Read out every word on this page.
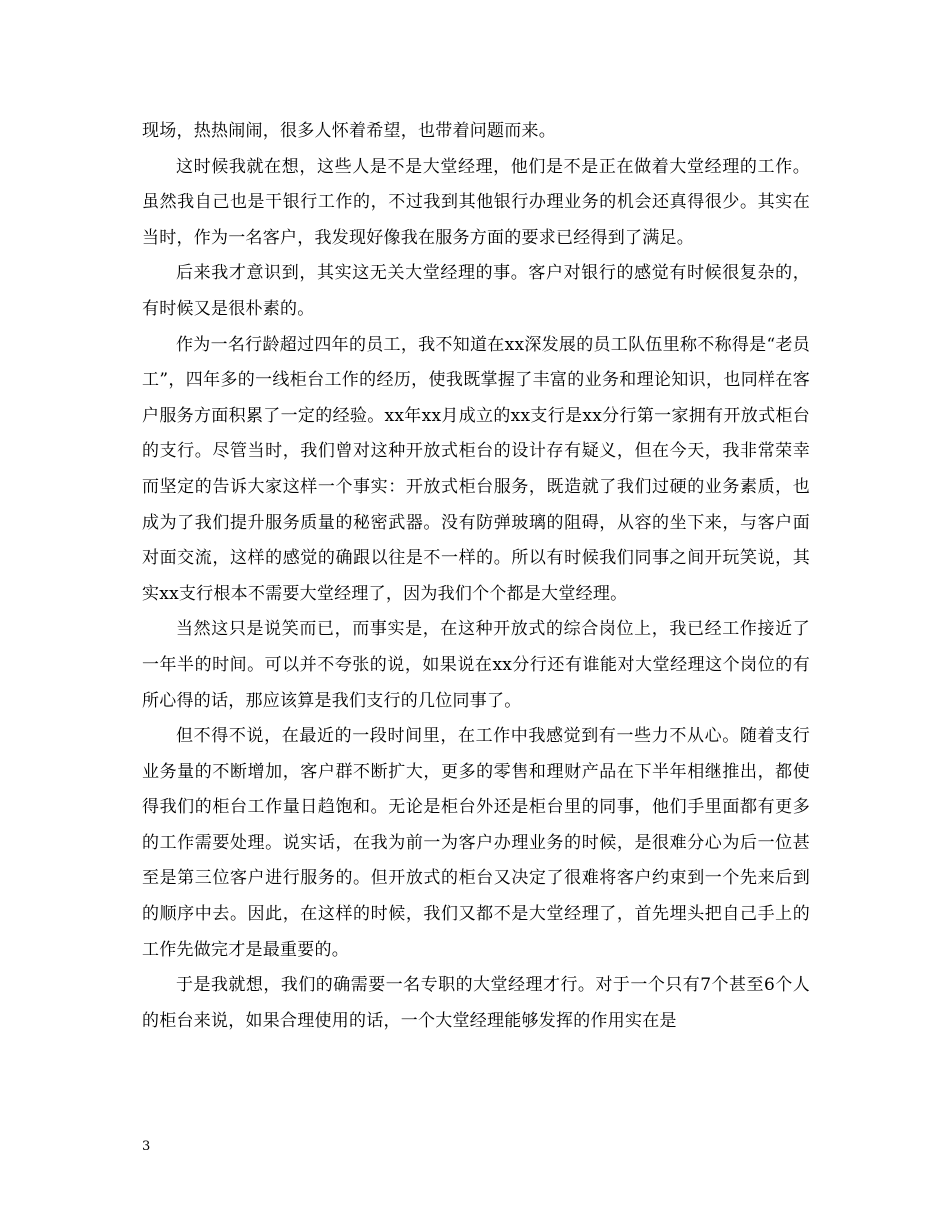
现场，热热闹闹，很多人怀着希望，也带着问题而来。

这时候我就在想，这些人是不是大堂经理，他们是不是正在做着大堂经理的工作。虽然我自己也是干银行工作的，不过我到其他银行办理业务的机会还真得很少。其实在当时，作为一名客户，我发现好像我在服务方面的要求已经得到了满足。

后来我才意识到，其实这无关大堂经理的事。客户对银行的感觉有时候很复杂的，有时候又是很朴素的。

作为一名行龄超过四年的员工，我不知道在xx深发展的员工队伍里称不称得是“老员工”，四年多的一线柜台工作的经历，使我既掌握了丰富的业务和理论知识，也同样在客户服务方面积累了一定的经验。xx年xx月成立的xx支行是xx分行第一家拥有开放式柜台的支行。尽管当时，我们曾对这种开放式柜台的设计存有疑义，但在今天，我非常荣幸而坚定的告诉大家这样一个事实：开放式柜台服务，既造就了我们过硬的业务素质，也成为了我们提升服务质量的秘密武器。没有防弹玻璃的阻碍，从容的坐下来，与客户面对面交流，这样的感觉的确跟以往是不一样的。所以有时候我们同事之间开玩笑说，其实xx支行根本不需要大堂经理了，因为我们个个都是大堂经理。

当然这只是说笑而已，而事实是，在这种开放式的综合岗位上，我已经工作接近了一年半的时间。可以并不夸张的说，如果说在xx分行还有谁能对大堂经理这个岗位的有所心得的话，那应该算是我们支行的几位同事了。

但不得不说，在最近的一段时间里，在工作中我感觉到有一些力不从心。随着支行业务量的不断增加，客户群不断扩大，更多的零售和理财产品在下半年相继推出，都使得我们的柜台工作量日趋饱和。无论是柜台外还是柜台里的同事，他们手里面都有更多的工作需要处理。说实话，在我为前一为客户办理业务的时候，是很难分心为后一位甚至是第三位客户进行服务的。但开放式的柜台又决定了很难将客户约束到一个先来后到的顺序中去。因此，在这样的时候，我们又都不是大堂经理了，首先埋头把自己手上的工作先做完才是最重要的。

于是我就想，我们的确需要一名专职的大堂经理才行。对于一个只有7个甚至6个人的柜台来说，如果合理使用的话，一个大堂经理能够发挥的作用实在是

3
